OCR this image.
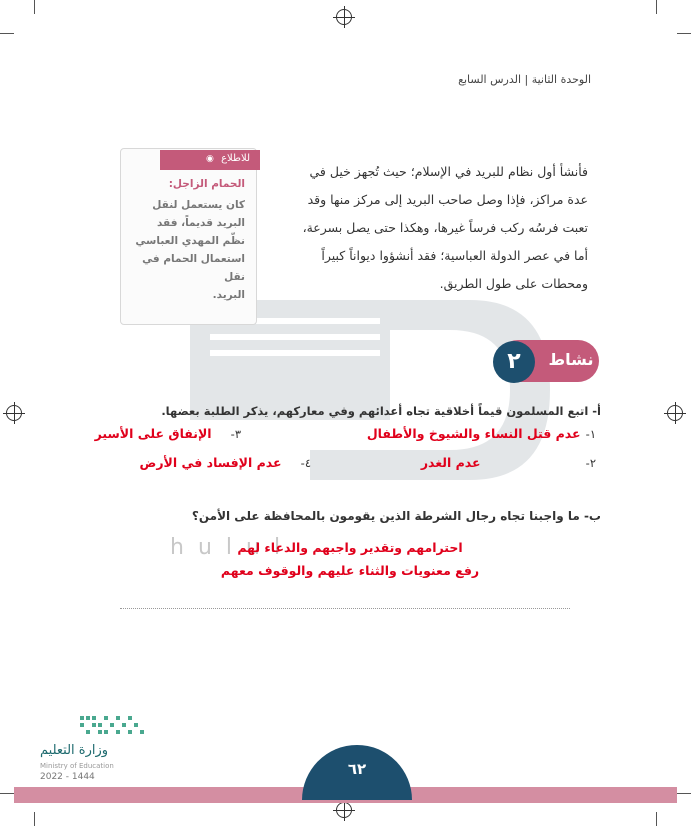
hulul
الوحدة الثانية | الدرس السابع
فأنشأ أول نظام للبريد في الإسلام؛ حيث تُجهز خيل في
عدة مراكز، فإذا وصل صاحب البريد إلى مركز منها وقد
تعبت فرسُه ركب فرساً غيرها، وهكذا حتى يصل بسرعة،
أما في عصر الدولة العباسية؛ فقد أنشؤوا ديواناً كبيراً
ومحطات على طول الطريق.
للاطلاع ◉
الحمام الزاجل:
كان يستعمل لنقل
البريد قديماً، فقد
نظّم المهدي العباسي
استعمال الحمام في نقل
البريد.
٢	نشاط
أ- اتبع المسلمون قيماً أخلاقية تجاه أعدائهم وفي معاركهم، يذكر الطلبة بعضها.
١- عدم قتل النساء والشيوخ والأطفال
٣- الإنفاق على الأسير
٢- عدم الغدر
٤- عدم الإفساد في الأرض
ب- ما واجبنا تجاه رجال الشرطة الذين يقومون بالمحافظة على الأمن؟
احترامهم وتقدير واجبهم والدعاء لهم
رفع معنويات والثناء عليهم والوقوف معهم
٦٢
وزارة التعليم
Ministry of Education
2022 - 1444
